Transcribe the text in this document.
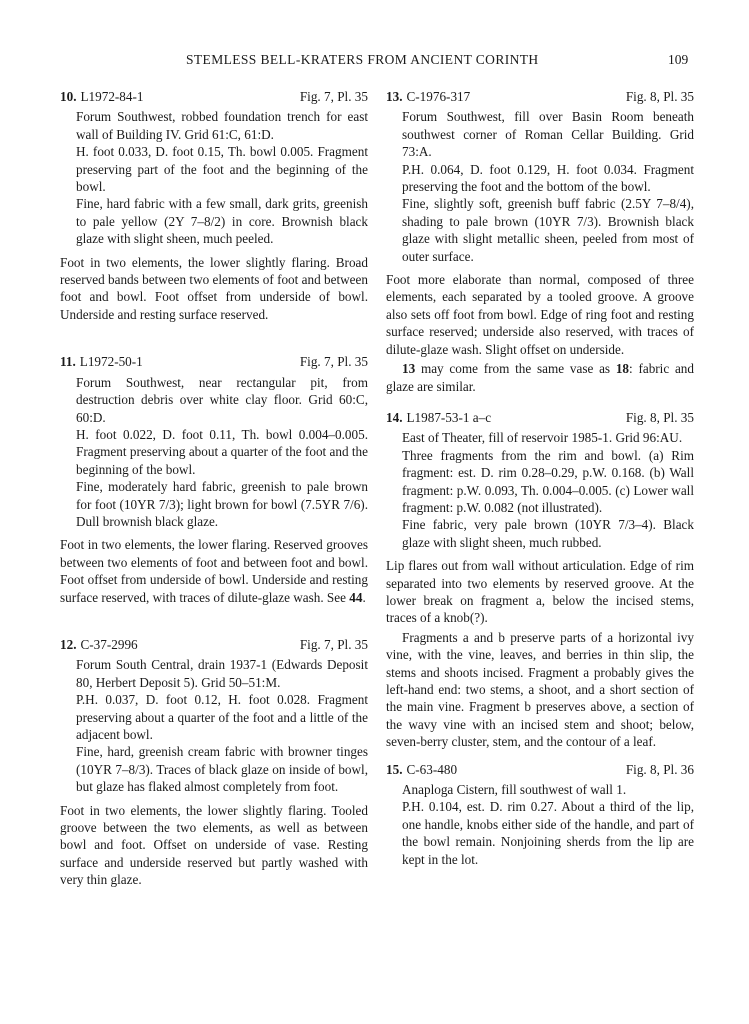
STEMLESS BELL-KRATERS FROM ANCIENT CORINTH	109
10. L1972-84-1	Fig. 7, Pl. 35

Forum Southwest, robbed foundation trench for east wall of Building IV. Grid 61:C, 61:D.

H. foot 0.033, D. foot 0.15, Th. bowl 0.005. Fragment preserving part of the foot and the beginning of the bowl.

Fine, hard fabric with a few small, dark grits, greenish to pale yellow (2Y 7–8/2) in core. Brownish black glaze with slight sheen, much peeled.

Foot in two elements, the lower slightly flaring. Broad reserved bands between two elements of foot and between foot and bowl. Foot offset from underside of bowl. Underside and resting surface reserved.

11. L1972-50-1	Fig. 7, Pl. 35

Forum Southwest, near rectangular pit, from destruction debris over white clay floor. Grid 60:C, 60:D.

H. foot 0.022, D. foot 0.11, Th. bowl 0.004–0.005. Fragment preserving about a quarter of the foot and the beginning of the bowl.

Fine, moderately hard fabric, greenish to pale brown for foot (10YR 7/3); light brown for bowl (7.5YR 7/6). Dull brownish black glaze.

Foot in two elements, the lower flaring. Reserved grooves between two elements of foot and between foot and bowl. Foot offset from underside of bowl. Underside and resting surface reserved, with traces of dilute-glaze wash. See 44.

12. C-37-2996	Fig. 7, Pl. 35

Forum South Central, drain 1937-1 (Edwards Deposit 80, Herbert Deposit 5). Grid 50–51:M.

P.H. 0.037, D. foot 0.12, H. foot 0.028. Fragment preserving about a quarter of the foot and a little of the adjacent bowl.

Fine, hard, greenish cream fabric with browner tinges (10YR 7–8/3). Traces of black glaze on inside of bowl, but glaze has flaked almost completely from foot.

Foot in two elements, the lower slightly flaring. Tooled groove between the two elements, as well as between bowl and foot. Offset on underside of vase. Resting surface and underside reserved but partly washed with very thin glaze.

13. C-1976-317	Fig. 8, Pl. 35

Forum Southwest, fill over Basin Room beneath southwest corner of Roman Cellar Building. Grid 73:A.

P.H. 0.064, D. foot 0.129, H. foot 0.034. Fragment preserving the foot and the bottom of the bowl.

Fine, slightly soft, greenish buff fabric (2.5Y 7–8/4), shading to pale brown (10YR 7/3). Brownish black glaze with slight metallic sheen, peeled from most of outer surface.

Foot more elaborate than normal, composed of three elements, each separated by a tooled groove. A groove also sets off foot from bowl. Edge of ring foot and resting surface reserved; underside also reserved, with traces of dilute-glaze wash. Slight offset on underside.

13 may come from the same vase as 18: fabric and glaze are similar.

14. L1987-53-1 a–c	Fig. 8, Pl. 35

East of Theater, fill of reservoir 1985-1. Grid 96:AU.

Three fragments from the rim and bowl. (a) Rim fragment: est. D. rim 0.28–0.29, p.W. 0.168. (b) Wall fragment: p.W. 0.093, Th. 0.004–0.005. (c) Lower wall fragment: p.W. 0.082 (not illustrated).

Fine fabric, very pale brown (10YR 7/3–4). Black glaze with slight sheen, much rubbed.

Lip flares out from wall without articulation. Edge of rim separated into two elements by reserved groove. At the lower break on fragment a, below the incised stems, traces of a knob(?).

Fragments a and b preserve parts of a horizontal ivy vine, with the vine, leaves, and berries in thin slip, the stems and shoots incised. Fragment a probably gives the left-hand end: two stems, a shoot, and a short section of the main vine. Fragment b preserves above, a section of the wavy vine with an incised stem and shoot; below, seven-berry cluster, stem, and the contour of a leaf.

15. C-63-480	Fig. 8, Pl. 36

Anaploga Cistern, fill southwest of wall 1.

P.H. 0.104, est. D. rim 0.27. About a third of the lip, one handle, knobs either side of the handle, and part of the bowl remain. Nonjoining sherds from the lip are kept in the lot.
